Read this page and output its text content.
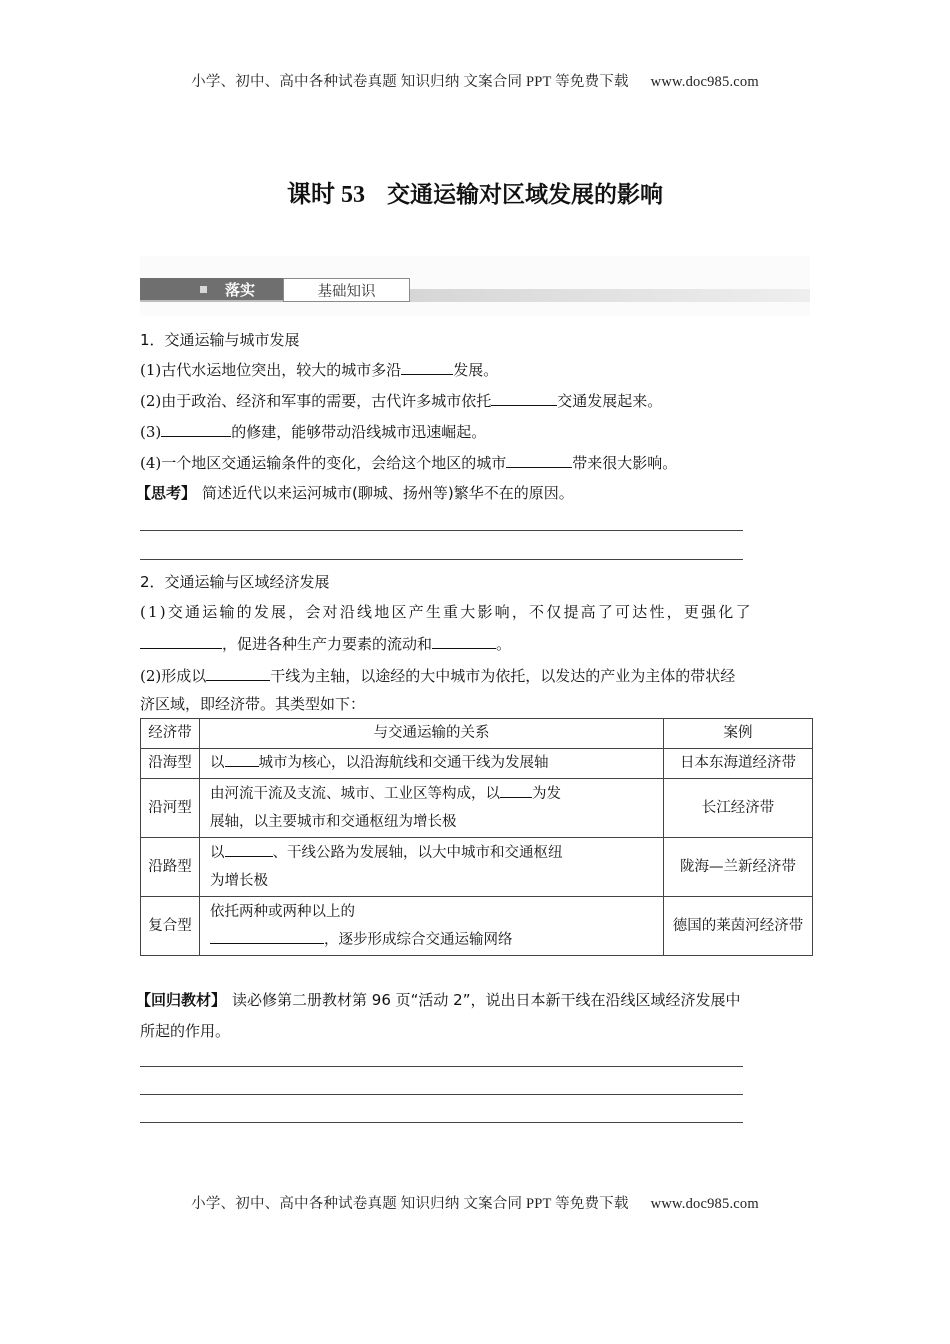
小学、初中、高中各种试卷真题 知识归纳 文案合同 PPT 等免费下载 www.doc985.com
课时 53 交通运输对区域发展的影响
落实	基础知识
1．交通运输与城市发展
(1)古代水运地位突出，较大的城市多沿	发展。
(2)由于政治、经济和军事的需要，古代许多城市依托	交通发展起来。
(3)	的修建，能够带动沿线城市迅速崛起。
(4)一个地区交通运输条件的变化，会给这个地区的城市	带来很大影响。
【思考】 简述近代以来运河城市(聊城、扬州等)繁华不在的原因。
2．交通运输与区域经济发展
(1)交通运输的发展，会对沿线地区产生重大影响，不仅提高了可达性，更强化了
，促进各种生产力要素的流动和	。
(2)形成以	干线为主轴，以途经的大中城市为依托，以发达的产业为主体的带状经
济区域，即经济带。其类型如下：
经济带	与交通运输的关系	案例
沿海型	以 城市为核心，以沿海航线和交通干线为发展轴	日本东海道经济带
沿河型	由河流干流及支流、城市、工业区等构成，以 为发
展轴，以主要城市和交通枢纽为增长极	长江经济带
沿路型	以 、干线公路为发展轴，以大中城市和交通枢纽
为增长极	陇海—兰新经济带
复合型	依托两种或两种以上的
，逐步形成综合交通运输网络	德国的莱茵河经济带
【回归教材】 读必修第二册教材第 96 页“活动 2”，说出日本新干线在沿线区域经济发展中
所起的作用。
小学、初中、高中各种试卷真题 知识归纳 文案合同 PPT 等免费下载 www.doc985.com
